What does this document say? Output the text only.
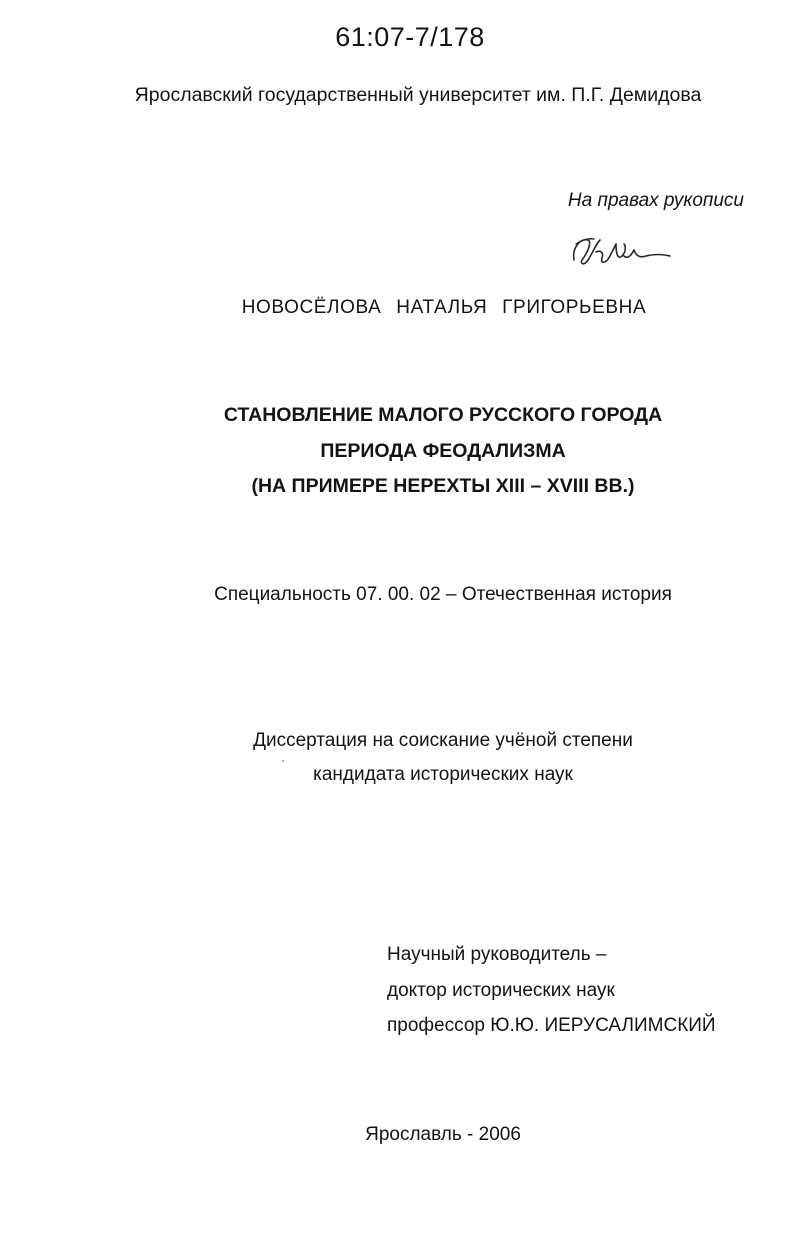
61:07-7/178

Ярославский государственный университет им. П.Г. Демидова

На правах рукописи

НОВОСЁЛОВА НАТАЛЬЯ ГРИГОРЬЕВНА

СТАНОВЛЕНИЕ МАЛОГО РУССКОГО ГОРОДА

ПЕРИОДА ФЕОДАЛИЗМА

(НА ПРИМЕРЕ НЕРЕХТЫ XIII – XVIII ВВ.)

Специальность 07. 00. 02 – Отечественная история

Диссертация на соискание учёной степени

кандидата исторических наук

Научный руководитель –

доктор исторических наук

профессор Ю.Ю. ИЕРУСАЛИМСКИЙ

Ярославль - 2006
